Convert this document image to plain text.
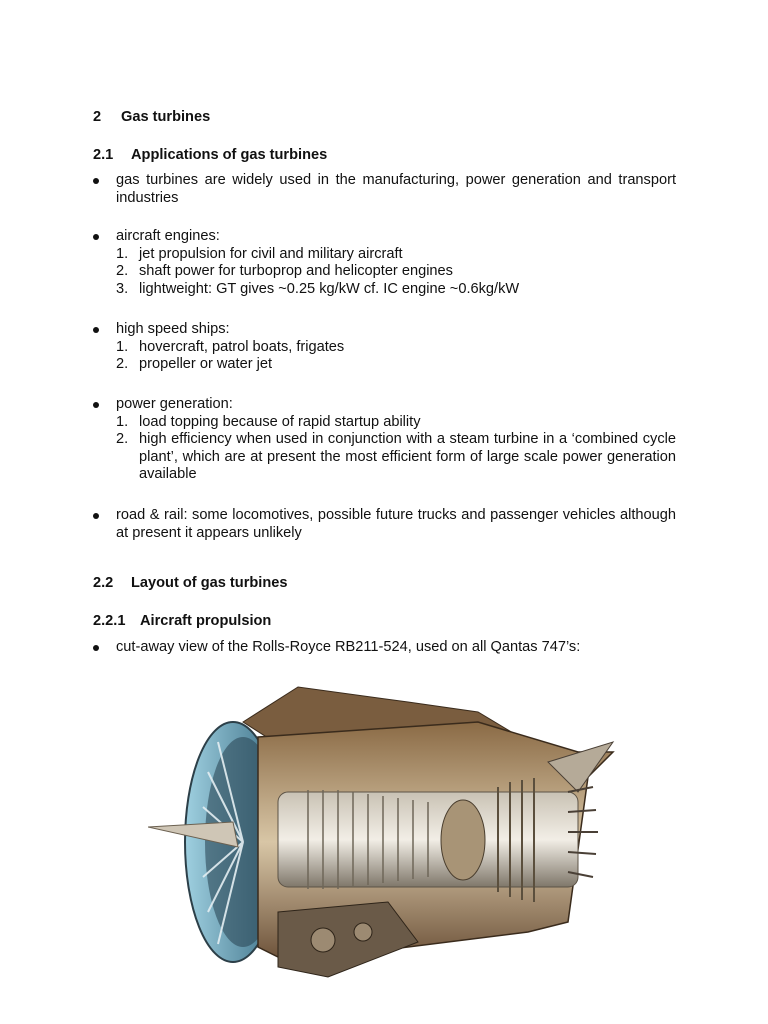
2 Gas turbines
2.1 Applications of gas turbines
gas turbines are widely used in the manufacturing, power generation and transport industries
aircraft engines:
1. jet propulsion for civil and military aircraft
2. shaft power for turboprop and helicopter engines
3. lightweight: GT gives ~0.25 kg/kW cf. IC engine ~0.6kg/kW
high speed ships:
1. hovercraft, patrol boats, frigates
2. propeller or water jet
power generation:
1. load topping because of rapid startup ability
2. high efficiency when used in conjunction with a steam turbine in a ‘combined cycle plant’, which are at present the most efficient form of large scale power generation available
road & rail: some locomotives, possible future trucks and passenger vehicles although at present it appears unlikely
2.2 Layout of gas turbines
2.2.1 Aircraft propulsion
cut-away view of the Rolls-Royce RB211-524, used on all Qantas 747’s:
